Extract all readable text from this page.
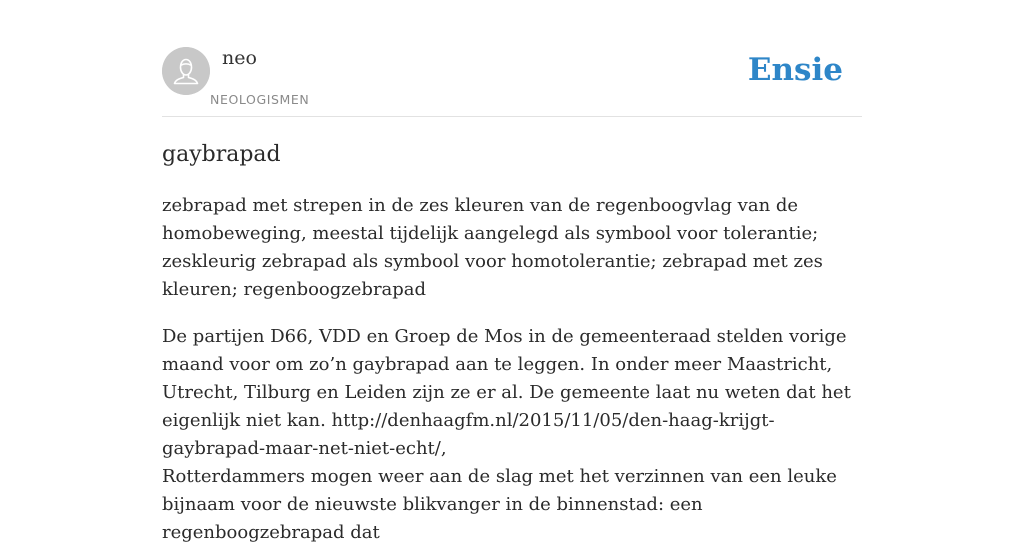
neo
NEOLOGISMEN
Ensie
gaybrapad

zebrapad met strepen in de zes kleuren van de regenboogvlag van de homobeweging, meestal tijdelijk aangelegd als symbool voor tolerantie; zeskleurig zebrapad als symbool voor homotolerantie; zebrapad met zes kleuren; regenboogzebrapad

De partijen D66, VDD en Groep de Mos in de gemeenteraad stelden vorige maand voor om zo’n gaybrapad aan te leggen. In onder meer Maastricht, Utrecht, Tilburg en Leiden zijn ze er al. De gemeente laat nu weten dat het eigenlijk niet kan. http://denhaagfm.nl/2015/11/05/den-haag-krijgt-gaybrapad-maar-net-niet-echt/,

Rotterdammers mogen weer aan de slag met het verzinnen van een leuke bijnaam voor de nieuwste blikvanger in de binnenstad: een regenboogzebrapad dat
